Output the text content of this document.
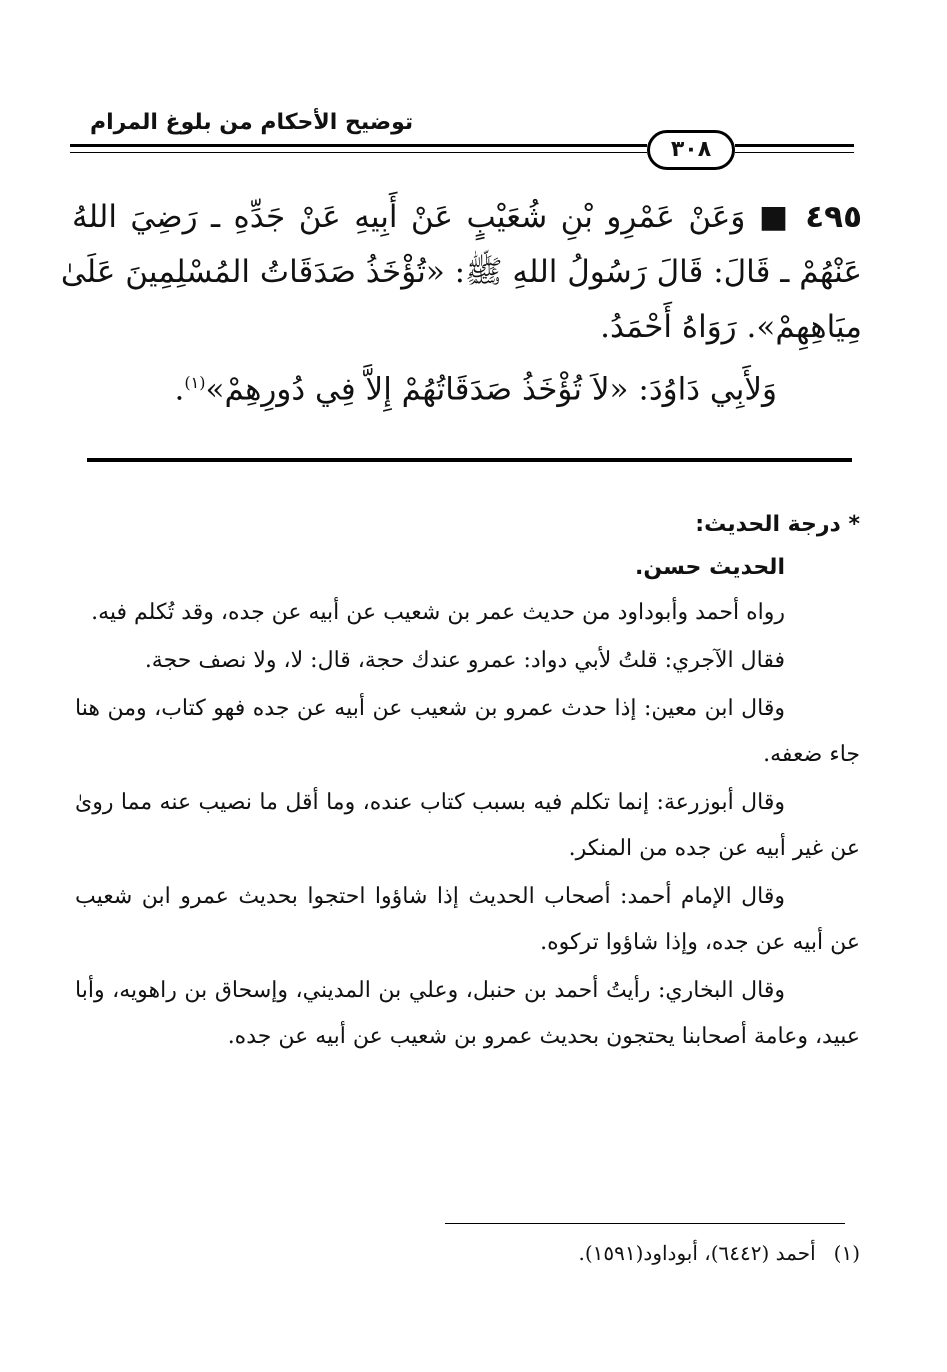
توضيح الأحكام من بلوغ المرام
٣٠٨
٤٩٥ ■ وَعَنْ عَمْرِو بْنِ شُعَيْبٍ عَنْ أَبِيهِ عَنْ جَدِّهِ ـ رَضِيَ اللهُ
عَنْهُمْ ـ قَالَ: قَالَ رَسُولُ اللهِ ﷺ: «تُؤْخَذُ صَدَقَاتُ المُسْلِمِينَ عَلَىٰ
مِيَاهِهِمْ». رَوَاهُ أَحْمَدُ.
وَلأَبِي دَاوُدَ: «لاَ تُؤْخَذُ صَدَقَاتُهُمْ إِلاَّ فِي دُورِهِمْ»$^{(١)}$.
* درجة الحديث:
الحديث حسن.

رواه أحمد وأبوداود من حديث عمر بن شعيب عن أبيه عن جده، وقد تُكلم فيه.

فقال الآجري: قلتُ لأبي دواد: عمرو عندك حجة، قال: لا، ولا نصف حجة.

وقال ابن معين: إذا حدث عمرو بن شعيب عن أبيه عن جده فهو كتاب، ومن هنا جاء ضعفه.

وقال أبوزرعة: إنما تكلم فيه بسبب كتاب عنده، وما أقل ما نصيب عنه مما روىٰ عن غير أبيه عن جده من المنكر.

وقال الإمام أحمد: أصحاب الحديث إذا شاؤوا احتجوا بحديث عمرو ابن شعيب عن أبيه عن جده، وإذا شاؤوا تركوه.

وقال البخاري: رأيتُ أحمد بن حنبل، وعلي بن المديني، وإسحاق بن راهويه، وأبا عبيد، وعامة أصحابنا يحتجون بحديث عمرو بن شعيب عن أبيه عن جده.

(١)أحمد (٦٤٤٢)، أبوداود(١٥٩١).
